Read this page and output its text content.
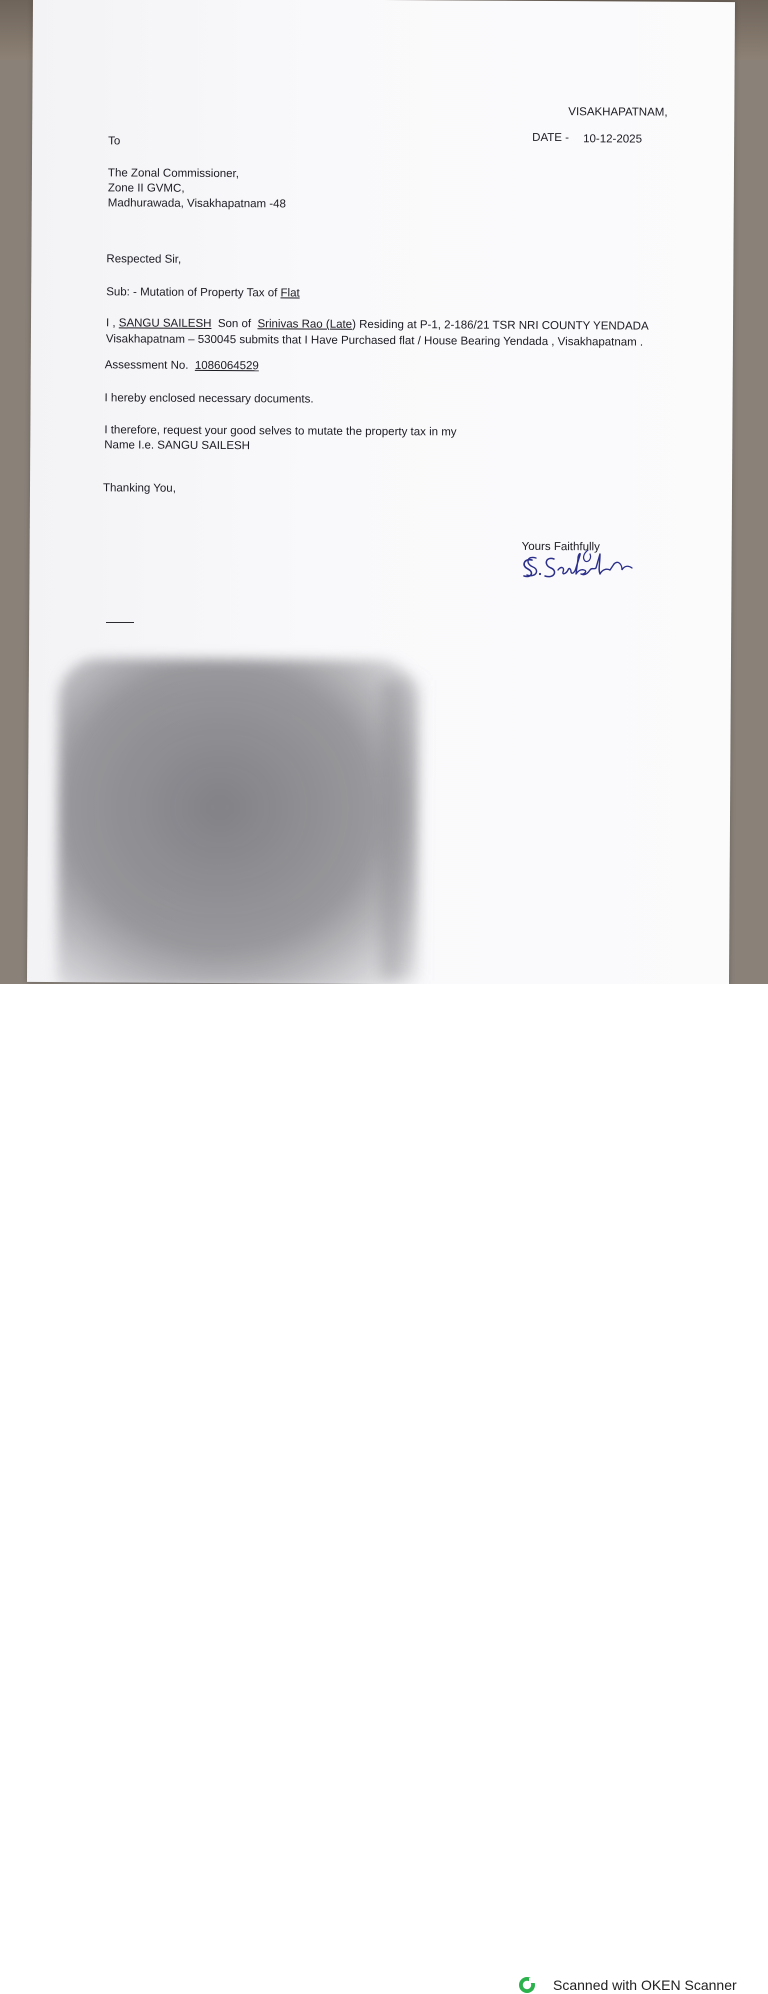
VISAKHAPATNAM,
DATE - 10-12-2025
To
The Zonal Commissioner,
Zone II GVMC,
Madhurawada, Visakhapatnam -48
Respected Sir,
Sub: - Mutation of Property Tax of Flat
I , SANGU SAILESH  Son of  Srinivas Rao (Late) Residing at P-1, 2-186/21 TSR NRI COUNTY YENDADA
Visakhapatnam – 530045 submits that I Have Purchased flat / House Bearing Yendada , Visakhapatnam .
Assessment No.  1086064529
I hereby enclosed necessary documents.
I therefore, request your good selves to mutate the property tax in my
Name I.e. SANGU SAILESH
Thanking You,
Yours Faithfully
Scanned with OKEN Scanner
